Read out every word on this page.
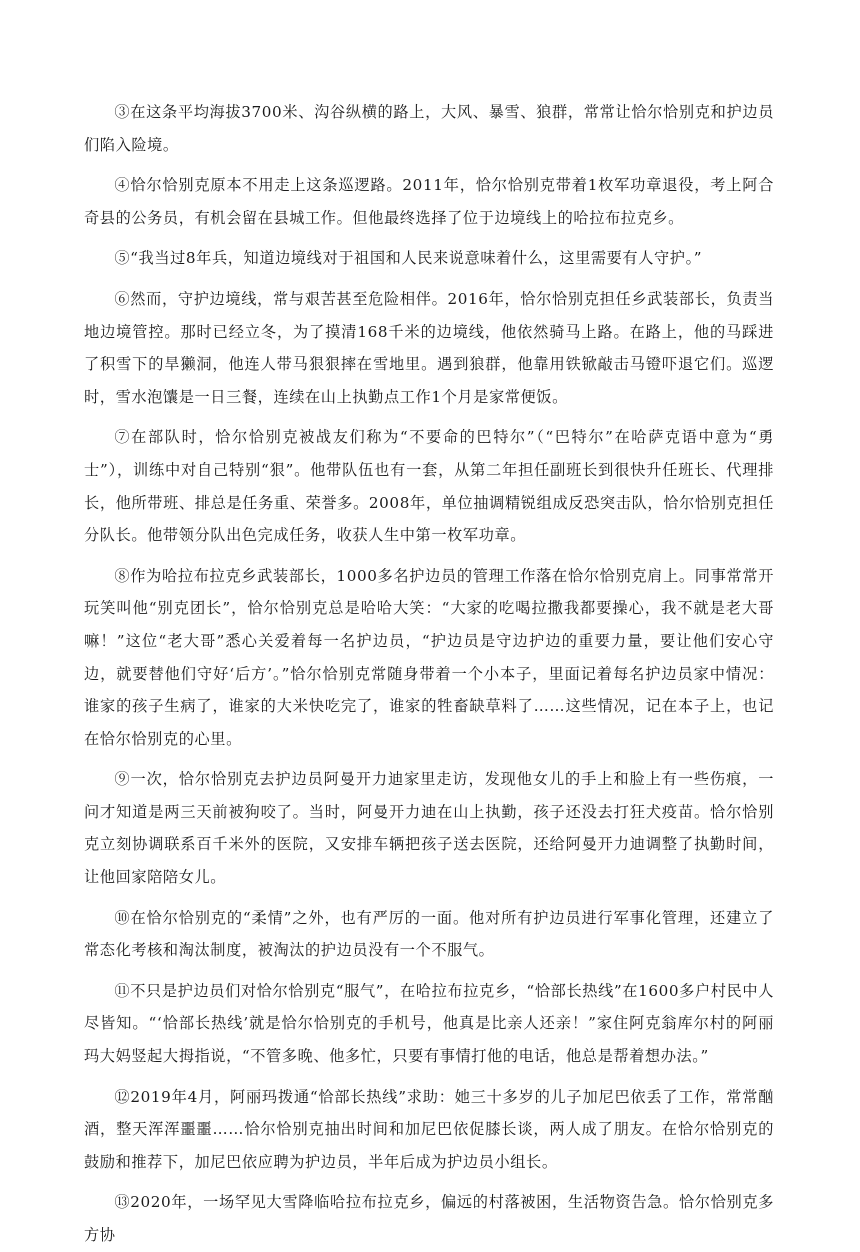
③在这条平均海拔3700米、沟谷纵横的路上，大风、暴雪、狼群，常常让恰尔恰别克和护边员们陷入险境。

④恰尔恰别克原本不用走上这条巡逻路。2011年，恰尔恰别克带着1枚军功章退役，考上阿合奇县的公务员，有机会留在县城工作。但他最终选择了位于边境线上的哈拉布拉克乡。

⑤“我当过8年兵，知道边境线对于祖国和人民来说意味着什么，这里需要有人守护。”

⑥然而，守护边境线，常与艰苦甚至危险相伴。2016年，恰尔恰别克担任乡武装部长，负责当地边境管控。那时已经立冬，为了摸清168千米的边境线，他依然骑马上路。在路上，他的马踩进了积雪下的旱獭洞，他连人带马狠狠摔在雪地里。遇到狼群，他靠用铁锨敲击马镫吓退它们。巡逻时，雪水泡馕是一日三餐，连续在山上执勤点工作1个月是家常便饭。

⑦在部队时，恰尔恰别克被战友们称为“不要命的巴特尔”（“巴特尔”在哈萨克语中意为“勇士”），训练中对自己特别“狠”。他带队伍也有一套，从第二年担任副班长到很快升任班长、代理排长，他所带班、排总是任务重、荣誉多。2008年，单位抽调精锐组成反恐突击队，恰尔恰别克担任分队长。他带领分队出色完成任务，收获人生中第一枚军功章。

⑧作为哈拉布拉克乡武装部长，1000多名护边员的管理工作落在恰尔恰别克肩上。同事常常开玩笑叫他“别克团长”，恰尔恰别克总是哈哈大笑：“大家的吃喝拉撒我都要操心，我不就是老大哥嘛！”这位“老大哥”悉心关爱着每一名护边员，“护边员是守边护边的重要力量，要让他们安心守边，就要替他们守好‘后方’。”恰尔恰别克常随身带着一个小本子，里面记着每名护边员家中情况：谁家的孩子生病了，谁家的大米快吃完了，谁家的牲畜缺草料了……这些情况，记在本子上，也记在恰尔恰别克的心里。

⑨一次，恰尔恰别克去护边员阿曼开力迪家里走访，发现他女儿的手上和脸上有一些伤痕，一问才知道是两三天前被狗咬了。当时，阿曼开力迪在山上执勤，孩子还没去打狂犬疫苗。恰尔恰别克立刻协调联系百千米外的医院，又安排车辆把孩子送去医院，还给阿曼开力迪调整了执勤时间，让他回家陪陪女儿。

⑩在恰尔恰别克的“柔情”之外，也有严厉的一面。他对所有护边员进行军事化管理，还建立了常态化考核和淘汰制度，被淘汰的护边员没有一个不服气。

⑪不只是护边员们对恰尔恰别克“服气”，在哈拉布拉克乡，“恰部长热线”在1600多户村民中人尽皆知。“‘恰部长热线’就是恰尔恰别克的手机号，他真是比亲人还亲！”家住阿克翁库尔村的阿丽玛大妈竖起大拇指说，“不管多晚、他多忙，只要有事情打他的电话，他总是帮着想办法。”

⑫2019年4月，阿丽玛拨通“恰部长热线”求助：她三十多岁的儿子加尼巴依丢了工作，常常酗酒，整天浑浑噩噩……恰尔恰别克抽出时间和加尼巴依促膝长谈，两人成了朋友。在恰尔恰别克的鼓励和推荐下，加尼巴依应聘为护边员，半年后成为护边员小组长。

⑬2020年，一场罕见大雪降临哈拉布拉克乡，偏远的村落被困，生活物资告急。恰尔恰别克多方协
